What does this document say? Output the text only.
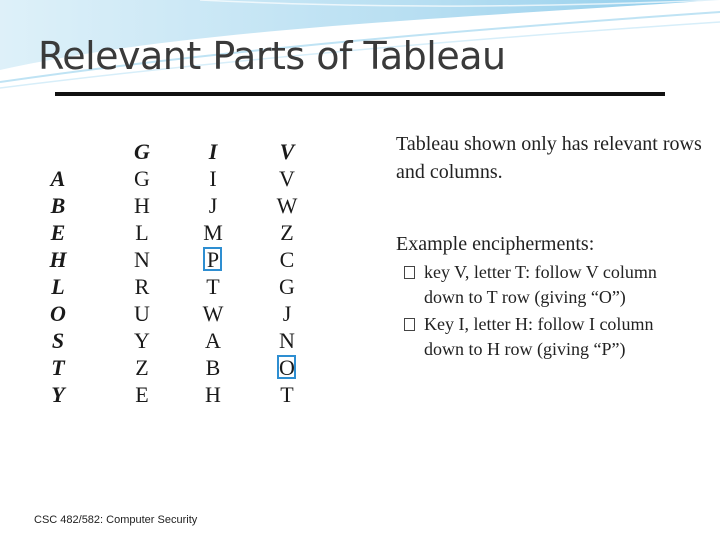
Relevant Parts of Tableau
A
B
E
H
L
O
S
T
Y
G
G
H
L
N
R
U
Y
Z
E
I
I
J
M
P
T
W
A
B
H
V
V
W
Z
C
G
J
N
O
T

Tableau shown only has relevant rows and columns.

Example encipherments:

key V, letter T: follow V column down to T row (giving “O”)
Key I, letter H: follow I column down to H row (giving “P”)
CSC 482/582: Computer Security
